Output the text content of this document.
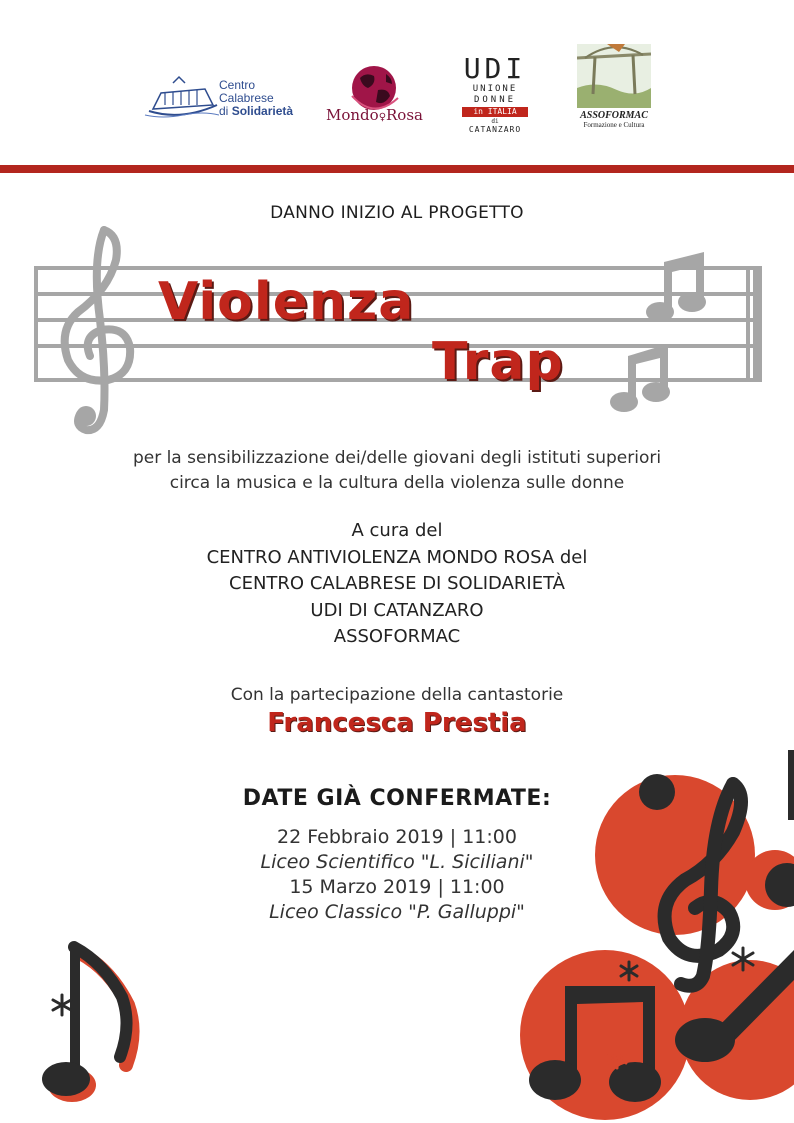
Centro
Calabrese
di Solidarietà Mondo♀Rosa
UDI
UNIONE
DONNE
in ITALIA
di
CATANZARO
ASSOFORMAC
Formazione e Cultura
DANNO INIZIO AL PROGETTO
Violenza
Trap
per la sensibilizzazione dei/delle giovani degli istituti superiori
circa la musica e la cultura della violenza sulle donne
A cura del
CENTRO ANTIVIOLENZA MONDO ROSA del
CENTRO CALABRESE DI SOLIDARIETÀ
UDI DI CATANZARO
ASSOFORMAC
Con la partecipazione della cantastorie
Francesca Prestia
DATE GIÀ CONFERMATE:
22 Febbraio 2019 | 11:00
Liceo Scientifico "L. Siciliani"
15 Marzo 2019 | 11:00
Liceo Classico "P. Galluppi"
